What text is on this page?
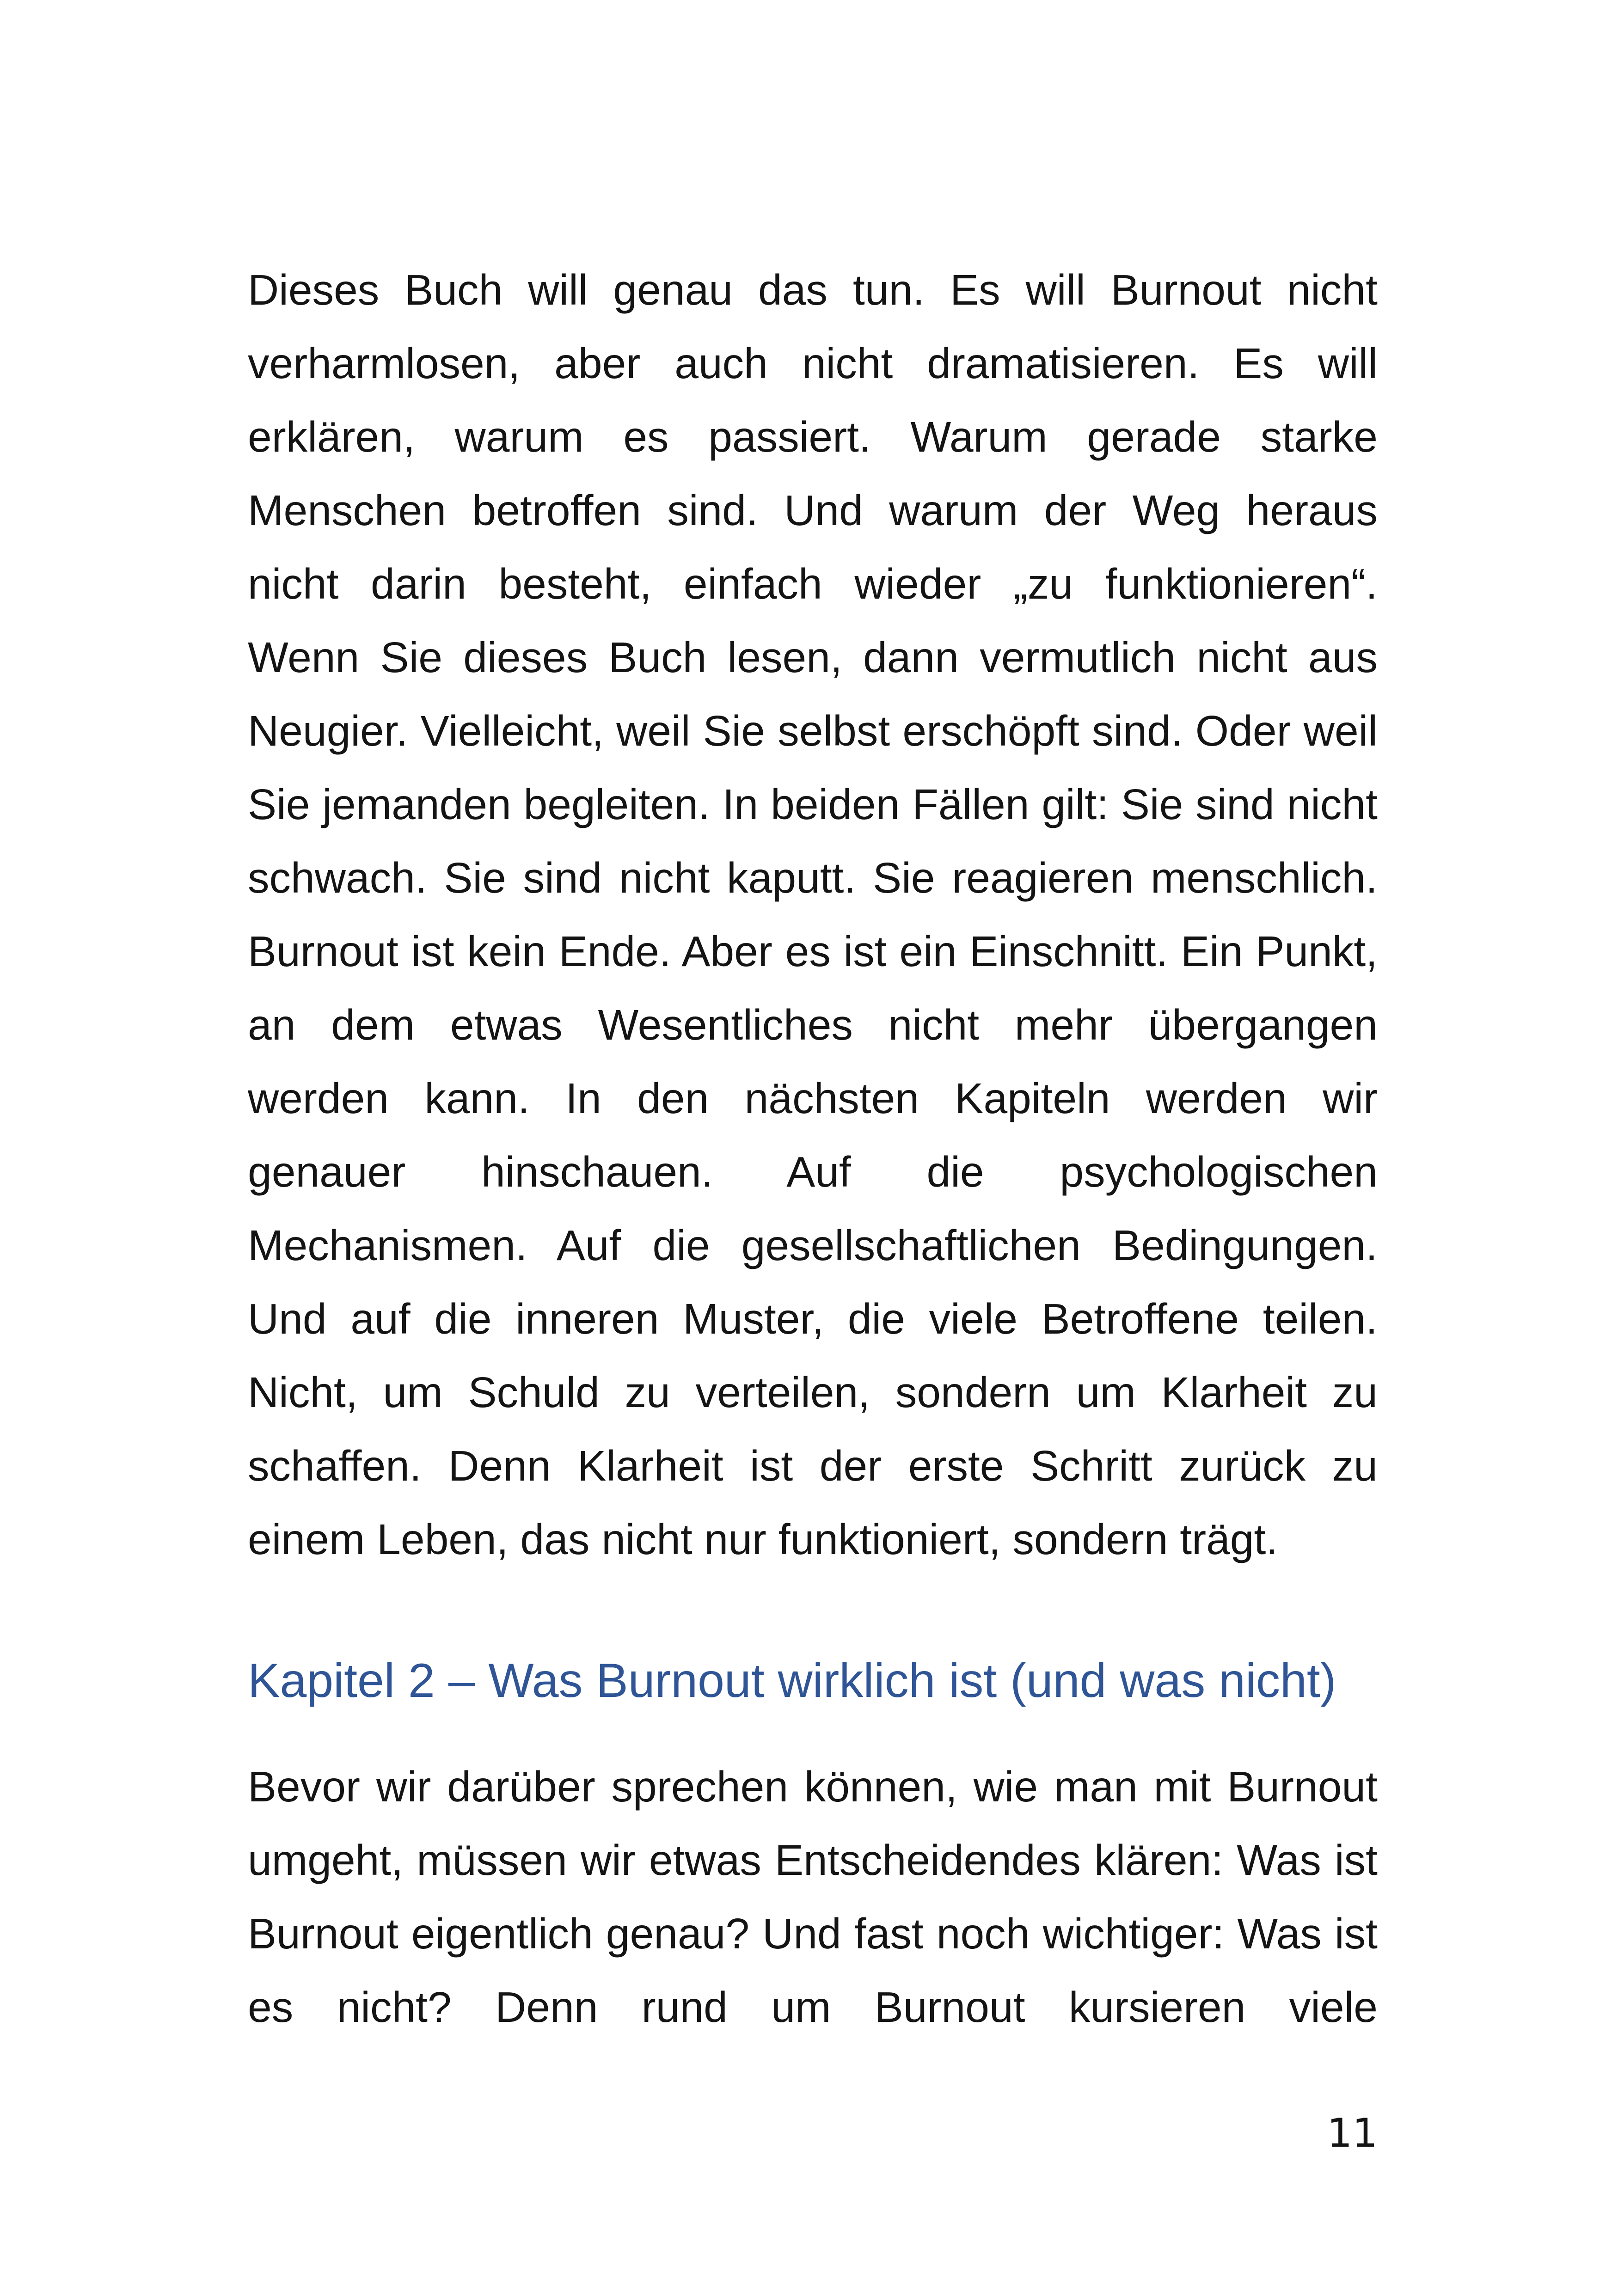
Dieses Buch will genau das tun. Es will Burnout nicht verharmlosen, aber auch nicht dramatisieren. Es will erklären, warum es passiert. Warum gerade starke Menschen betroffen sind. Und warum der Weg heraus nicht darin besteht, einfach wieder „zu funktionieren“. Wenn Sie dieses Buch lesen, dann vermutlich nicht aus Neugier. Vielleicht, weil Sie selbst erschöpft sind. Oder weil Sie jemanden begleiten. In beiden Fällen gilt: Sie sind nicht schwach. Sie sind nicht kaputt. Sie reagieren menschlich. Burnout ist kein Ende. Aber es ist ein Einschnitt. Ein Punkt, an dem etwas Wesentliches nicht mehr übergangen werden kann. In den nächsten Kapiteln werden wir genauer hinschauen. Auf die psychologischen Mechanismen. Auf die gesellschaftlichen Bedingungen. Und auf die inneren Muster, die viele Betroffene teilen. Nicht, um Schuld zu verteilen, sondern um Klarheit zu schaffen. Denn Klarheit ist der erste Schritt zurück zu einem Leben, das nicht nur funktioniert, sondern trägt.

Kapitel 2 – Was Burnout wirklich ist (und was nicht)

Bevor wir darüber sprechen können, wie man mit Burnout umgeht, müssen wir etwas Entscheidendes klären: Was ist Burnout eigentlich genau? Und fast noch wichtiger: Was ist es nicht? Denn rund um Burnout kursieren viele

11
